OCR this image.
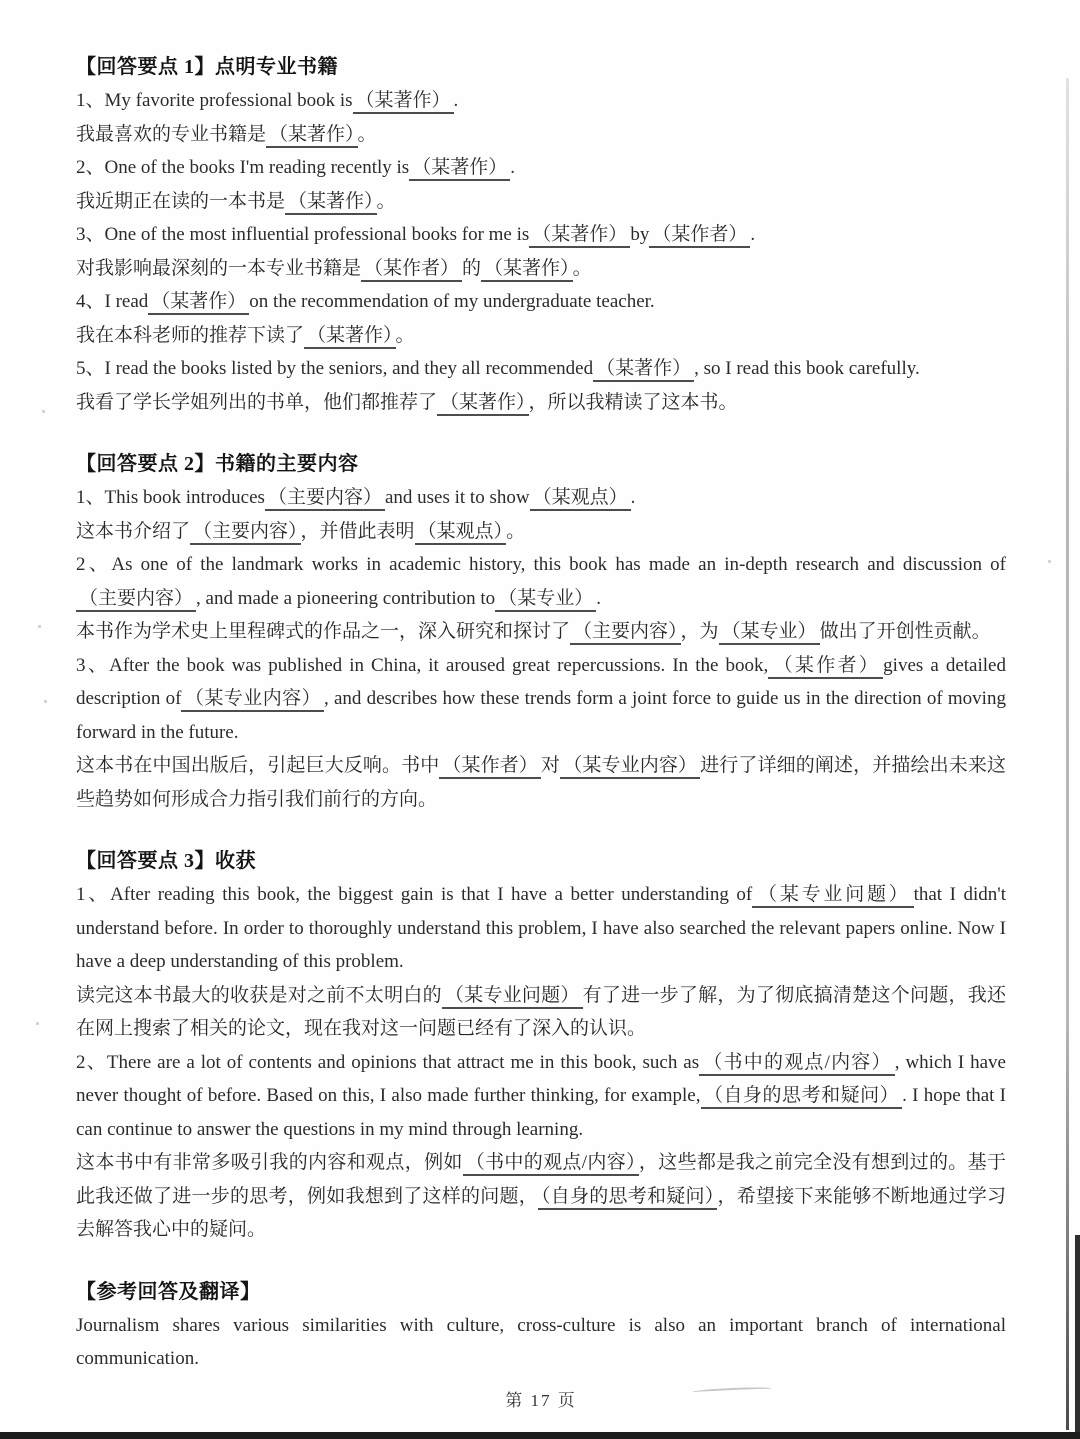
【回答要点 1】点明专业书籍

1、My favorite professional book is （某著作） .

我最喜欢的专业书籍是 （某著作） 。

2、One of the books I'm reading recently is （某著作） .

我近期正在读的一本书是 （某著作） 。

3、One of the most influential professional books for me is （某著作） by （某作者） .

对我影响最深刻的一本专业书籍是 （某作者） 的 （某著作） 。

4、I read （某著作） on the recommendation of my undergraduate teacher.

我在本科老师的推荐下读了 （某著作） 。

5、I read the books listed by the seniors, and they all recommended （某著作） , so I read this book carefully.

我看了学长学姐列出的书单，他们都推荐了 （某著作） ，所以我精读了这本书。

【回答要点 2】书籍的主要内容

1、This book introduces （主要内容） and uses it to show （某观点） .

这本书介绍了 （主要内容） ，并借此表明 （某观点） 。

2、As one of the landmark works in academic history, this book has made an in-depth research and discussion of（主要内容） , and made a pioneering contribution to （某专业） .

本书作为学术史上里程碑式的作品之一，深入研究和探讨了 （主要内容） ，为 （某专业） 做出了开创性贡献。

3、After the book was published in China, it aroused great repercussions. In the book, （某作者） gives a detailed description of （某专业内容） , and describes how these trends form a joint force to guide us in the direction of moving forward in the future.

这本书在中国出版后，引起巨大反响。书中 （某作者） 对 （某专业内容） 进行了详细的阐述，并描绘出未来这些趋势如何形成合力指引我们前行的方向。

【回答要点 3】收获

1、After reading this book, the biggest gain is that I have a better understanding of （某专业问题） that I didn't understand before. In order to thoroughly understand this problem, I have also searched the relevant papers online. Now I have a deep understanding of this problem.

读完这本书最大的收获是对之前不太明白的 （某专业问题） 有了进一步了解，为了彻底搞清楚这个问题，我还在网上搜索了相关的论文，现在我对这一问题已经有了深入的认识。

2、There are a lot of contents and opinions that attract me in this book, such as （书中的观点/内容） , which I have never thought of before. Based on this, I also made further thinking, for example, （自身的思考和疑问） . I hope that I can continue to answer the questions in my mind through learning.

这本书中有非常多吸引我的内容和观点，例如 （书中的观点/内容） ，这些都是我之前完全没有想到过的。基于此我还做了进一步的思考，例如我想到了这样的问题， （自身的思考和疑问） ，希望接下来能够不断地通过学习去解答我心中的疑问。

【参考回答及翻译】

Journalism shares various similarities with culture, cross-culture is also an important branch of international communication.

第 17 页
